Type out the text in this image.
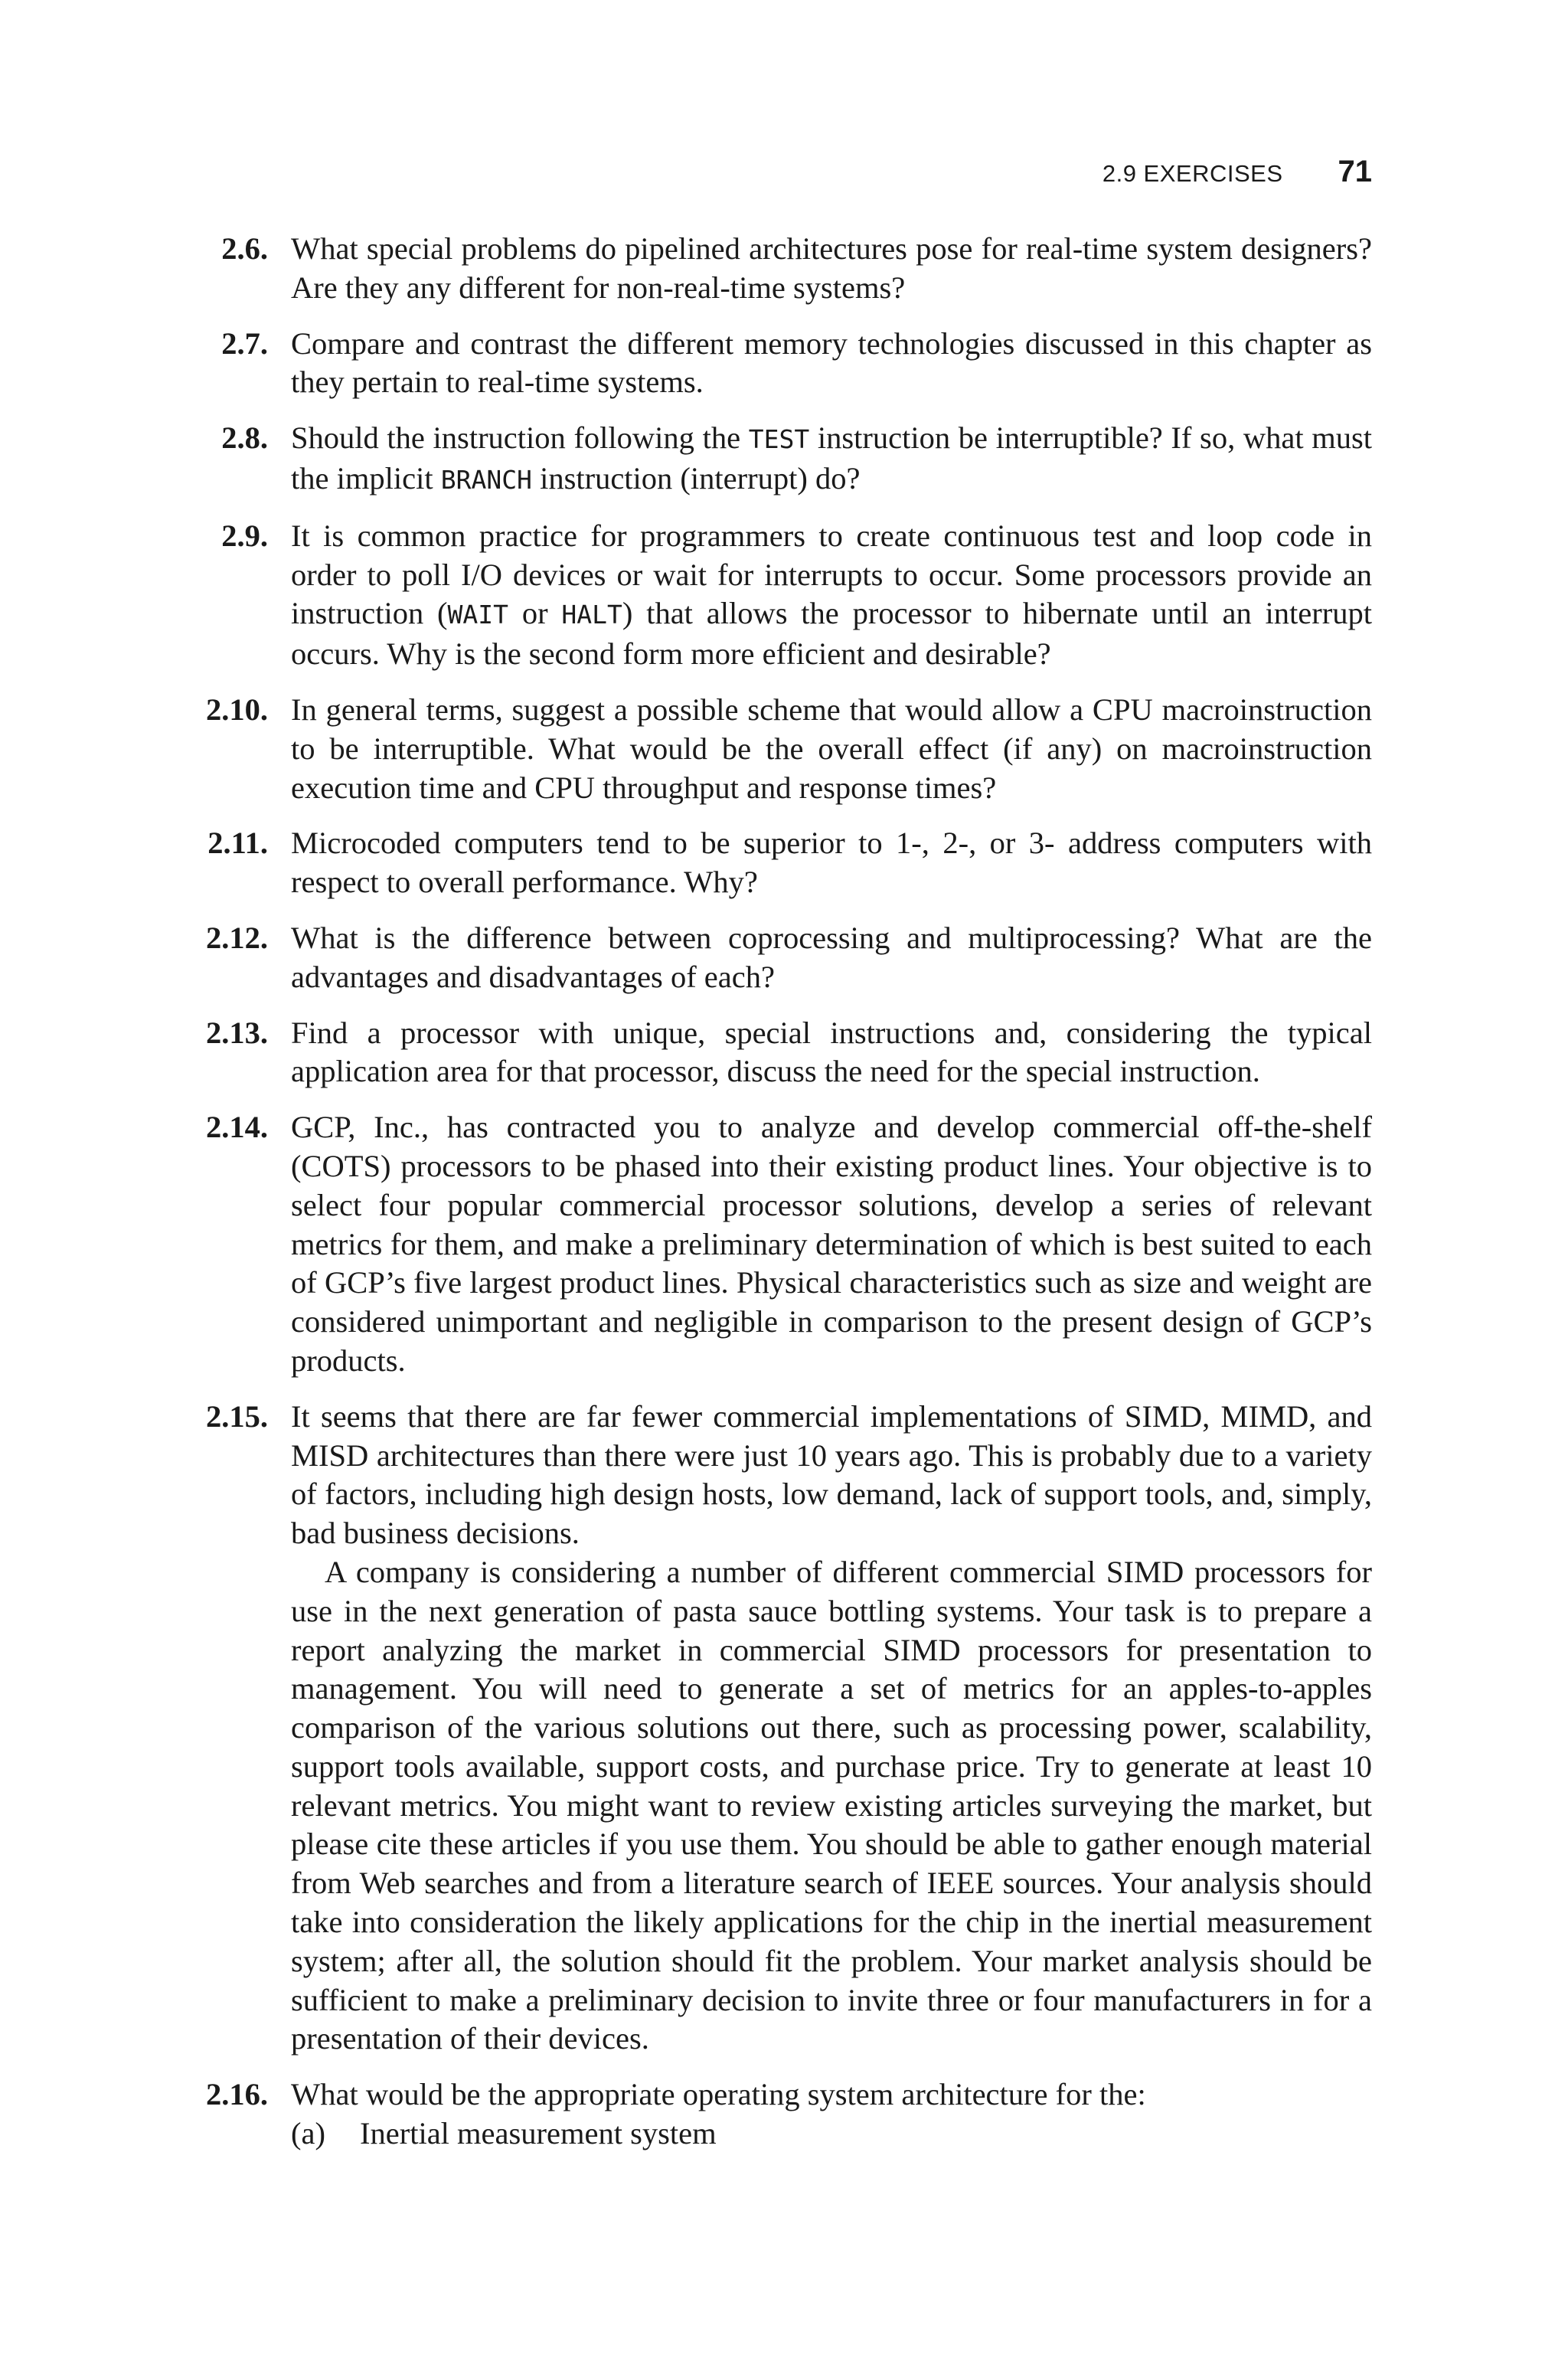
2.9 EXERCISES 71
2.6. What special problems do pipelined architectures pose for real-time system designers? Are they any different for non-real-time systems?

2.7. Compare and contrast the different memory technologies discussed in this chapter as they pertain to real-time systems.

2.8. Should the instruction following the TEST instruction be interruptible? If so, what must the implicit BRANCH instruction (interrupt) do?

2.9. It is common practice for programmers to create continuous test and loop code in order to poll I/O devices or wait for interrupts to occur. Some processors provide an instruction (WAIT or HALT) that allows the processor to hibernate until an interrupt occurs. Why is the second form more efficient and desirable?

2.10. In general terms, suggest a possible scheme that would allow a CPU macroinstruction to be interruptible. What would be the overall effect (if any) on macroinstruction execution time and CPU throughput and response times?

2.11. Microcoded computers tend to be superior to 1-, 2-, or 3- address computers with respect to overall performance. Why?

2.12. What is the difference between coprocessing and multiprocessing? What are the advantages and disadvantages of each?

2.13. Find a processor with unique, special instructions and, considering the typical application area for that processor, discuss the need for the special instruction.

2.14. GCP, Inc., has contracted you to analyze and develop commercial off-the-shelf (COTS) processors to be phased into their existing product lines. Your objective is to select four popular commercial processor solutions, develop a series of relevant metrics for them, and make a preliminary determination of which is best suited to each of GCP’s five largest product lines. Physical characteristics such as size and weight are considered unimportant and negligible in comparison to the present design of GCP’s products.

2.15. It seems that there are far fewer commercial implementations of SIMD, MIMD, and MISD architectures than there were just 10 years ago. This is probably due to a variety of factors, including high design hosts, low demand, lack of support tools, and, simply, bad business decisions.

A company is considering a number of different commercial SIMD processors for use in the next generation of pasta sauce bottling systems. Your task is to prepare a report analyzing the market in commercial SIMD processors for presentation to management. You will need to generate a set of metrics for an apples-to-apples comparison of the various solutions out there, such as processing power, scalability, support tools available, support costs, and purchase price. Try to generate at least 10 relevant metrics. You might want to review existing articles surveying the market, but please cite these articles if you use them. You should be able to gather enough material from Web searches and from a literature search of IEEE sources. Your analysis should take into consideration the likely applications for the chip in the inertial measurement system; after all, the solution should fit the problem. Your market analysis should be sufficient to make a preliminary decision to invite three or four manufacturers in for a presentation of their devices.

2.16. What would be the appropriate operating system architecture for the:

(a) Inertial measurement system
